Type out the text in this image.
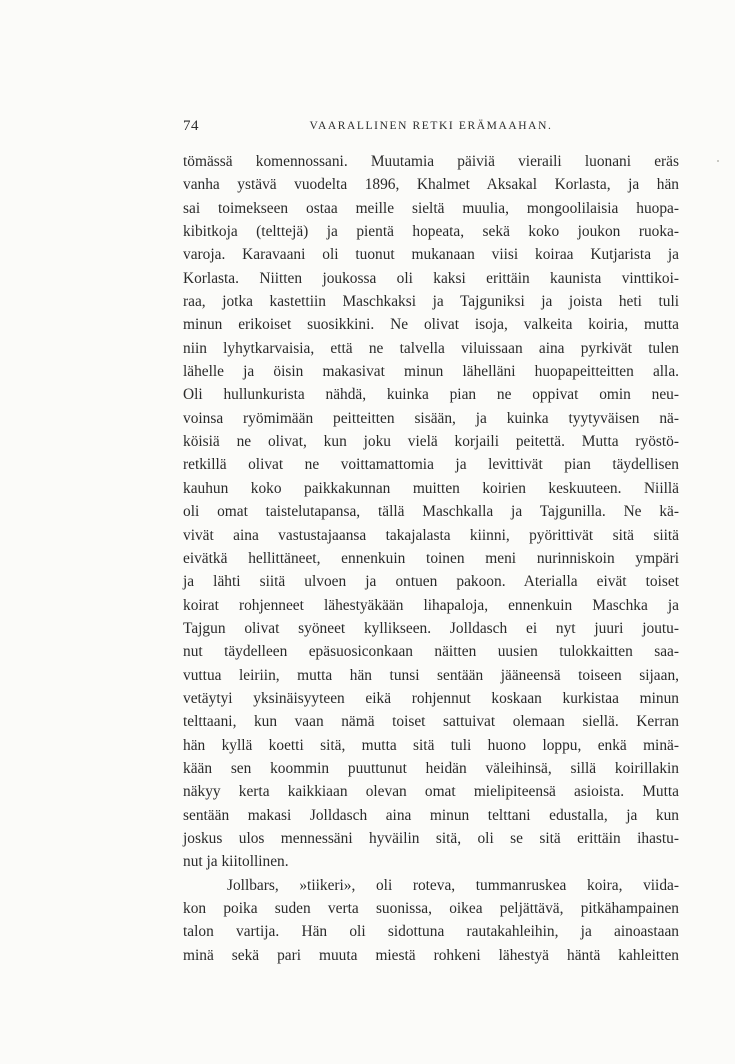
74	VAARALLINEN RETKI ERÄMAAHAN.
tömässä komennossani. Muutamia päiviä vieraili luonani eräs
vanha ystävä vuodelta 1896, Khalmet Aksakal Korlasta, ja hän
sai toimekseen ostaa meille sieltä muulia, mongoolilaisia huopa-
kibitkoja (telttejä) ja pientä hopeata, sekä koko joukon ruoka-
varoja. Karavaani oli tuonut mukanaan viisi koiraa Kutjarista ja
Korlasta. Niitten joukossa oli kaksi erittäin kaunista vinttikoi-
raa, jotka kastettiin Maschkaksi ja Tajguniksi ja joista heti tuli
minun erikoiset suosikkini. Ne olivat isoja, valkeita koiria, mutta
niin lyhytkarvaisia, että ne talvella viluissaan aina pyrkivät tulen
lähelle ja öisin makasivat minun lähelläni huopapeitteitten alla.
Oli hullunkurista nähdä, kuinka pian ne oppivat omin neu-
voinsa ryömimään peitteitten sisään, ja kuinka tyytyväisen nä-
köisiä ne olivat, kun joku vielä korjaili peitettä. Mutta ryöstö-
retkillä olivat ne voittamattomia ja levittivät pian täydellisen
kauhun koko paikkakunnan muitten koirien keskuuteen. Niillä
oli omat taistelutapansa, tällä Maschkalla ja Tajgunilla. Ne kä-
vivät aina vastustajaansa takajalasta kiinni, pyörittivät sitä siitä
eivätkä hellittäneet, ennenkuin toinen meni nurinniskoin ympäri
ja lähti siitä ulvoen ja ontuen pakoon. Aterialla eivät toiset
koirat rohjenneet lähestyäkään lihapaloja, ennenkuin Maschka ja
Tajgun olivat syöneet kyllikseen. Jolldasch ei nyt juuri joutu-
nut täydelleen epäsuosiconkaan näitten uusien tulokkaitten saa-
vuttua leiriin, mutta hän tunsi sentään jääneensä toiseen sijaan,
vetäytyi yksinäisyyteen eikä rohjennut koskaan kurkistaa minun
telttaani, kun vaan nämä toiset sattuivat olemaan siellä. Kerran
hän kyllä koetti sitä, mutta sitä tuli huono loppu, enkä minä-
kään sen koommin puuttunut heidän väleihinsä, sillä koirillakin
näkyy kerta kaikkiaan olevan omat mielipiteensä asioista. Mutta
sentään makasi Jolldasch aina minun telttani edustalla, ja kun
joskus ulos mennessäni hyväilin sitä, oli se sitä erittäin ihastu-
nut ja kiitollinen.
Jollbars, »tiikeri», oli roteva, tummanruskea koira, viida-
kon poika suden verta suonissa, oikea peljättävä, pitkähampainen
talon vartija. Hän oli sidottuna rautakahleihin, ja ainoastaan
minä sekä pari muuta miestä rohkeni lähestyä häntä kahleitten
